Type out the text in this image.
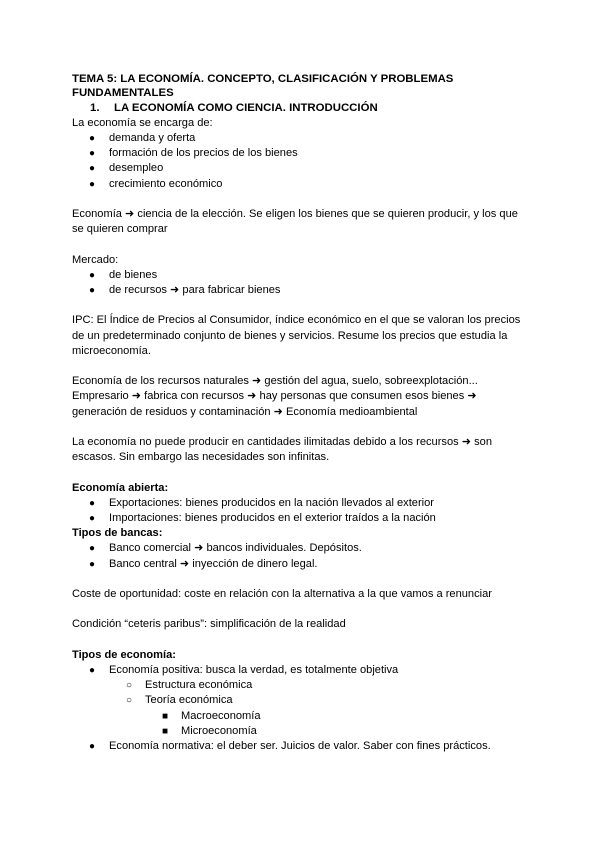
TEMA 5: LA ECONOMÍA. CONCEPTO, CLASIFICACIÓN Y PROBLEMAS
FUNDAMENTALES
1. LA ECONOMÍA COMO CIENCIA. INTRODUCCIÓN

La economía se encarga de:

● demanda y oferta
● formación de los precios de los bienes
● desempleo
● crecimiento económico

Economía ➜ ciencia de la elección. Se eligen los bienes que se quieren producir, y los que
se quieren comprar

Mercado:

● de bienes
● de recursos ➜ para fabricar bienes

IPC: El Índice de Precios al Consumidor, índice económico en el que se valoran los precios
de un predeterminado conjunto de bienes y servicios. Resume los precios que estudia la
microeconomía.

Economía de los recursos naturales ➜ gestión del agua, suelo, sobreexplotación...
Empresario ➜ fabrica con recursos ➜ hay personas que consumen esos bienes ➜
generación de residuos y contaminación ➜ Economía medioambiental

La economía no puede producir en cantidades ilimitadas debido a los recursos ➜ son
escasos. Sin embargo las necesidades son infinitas.

Economía abierta:

● Exportaciones: bienes producidos en la nación llevados al exterior
● Importaciones: bienes producidos en el exterior traídos a la nación

Tipos de bancas:

● Banco comercial ➜ bancos individuales. Depósitos.
● Banco central ➜ inyección de dinero legal.

Coste de oportunidad: coste en relación con la alternativa a la que vamos a renunciar

Condición “ceteris paribus”: simplificación de la realidad

Tipos de economía:

● Economía positiva: busca la verdad, es totalmente objetiva
○ Estructura económica
○ Teoría económica
■ Macroeconomía
■ Microeconomía
● Economía normativa: el deber ser. Juicios de valor. Saber con fines prácticos.
